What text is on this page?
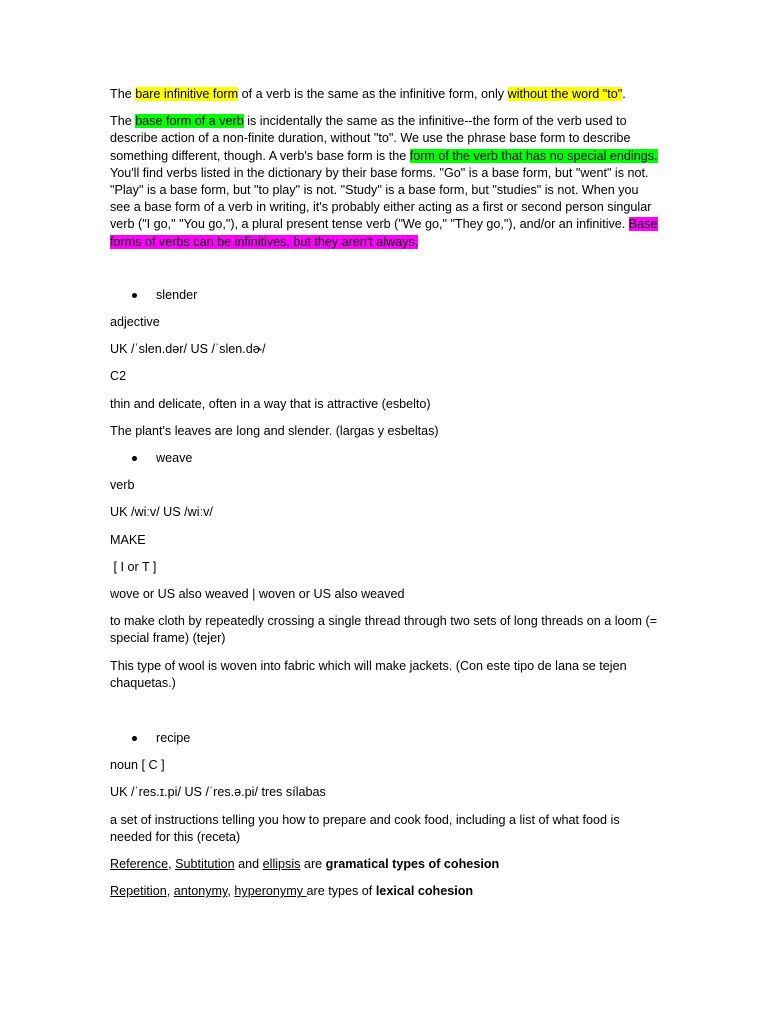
The bare infinitive form of a verb is the same as the infinitive form, only without the word "to".

The base form of a verb is incidentally the same as the infinitive--the form of the verb used to describe action of a non-finite duration, without "to". We use the phrase base form to describe something different, though. A verb's base form is the form of the verb that has no special endings. You'll find verbs listed in the dictionary by their base forms. "Go" is a base form, but "went" is not. "Play" is a base form, but "to play" is not. "Study" is a base form, but "studies" is not. When you see a base form of a verb in writing, it's probably either acting as a first or second person singular verb ("I go," "You go,"), a plural present tense verb ("We go," "They go,"), and/or an infinitive. Base forms of verbs can be infinitives, but they aren't always.

slender

adjective

UK /ˈslen.dər/ US /ˈslen.dɚ/

C2

thin and delicate, often in a way that is attractive (esbelto)

The plant's leaves are long and slender. (largas y esbeltas)

weave

verb

UK /wiːv/ US /wiːv/

MAKE

[ I or T ]

wove or US also weaved | woven or US also weaved

to make cloth by repeatedly crossing a single thread through two sets of long threads on a loom (= special frame) (tejer)

This type of wool is woven into fabric which will make jackets. (Con este tipo de lana se tejen chaquetas.)

recipe

noun [ C ]

UK /ˈres.ɪ.pi/ US /ˈres.ə.pi/ tres sílabas

a set of instructions telling you how to prepare and cook food, including a list of what food is needed for this (receta)

Reference, Subtitution and ellipsis are gramatical types of cohesion

Repetition, antonymy, hyperonymy are types of lexical cohesion
